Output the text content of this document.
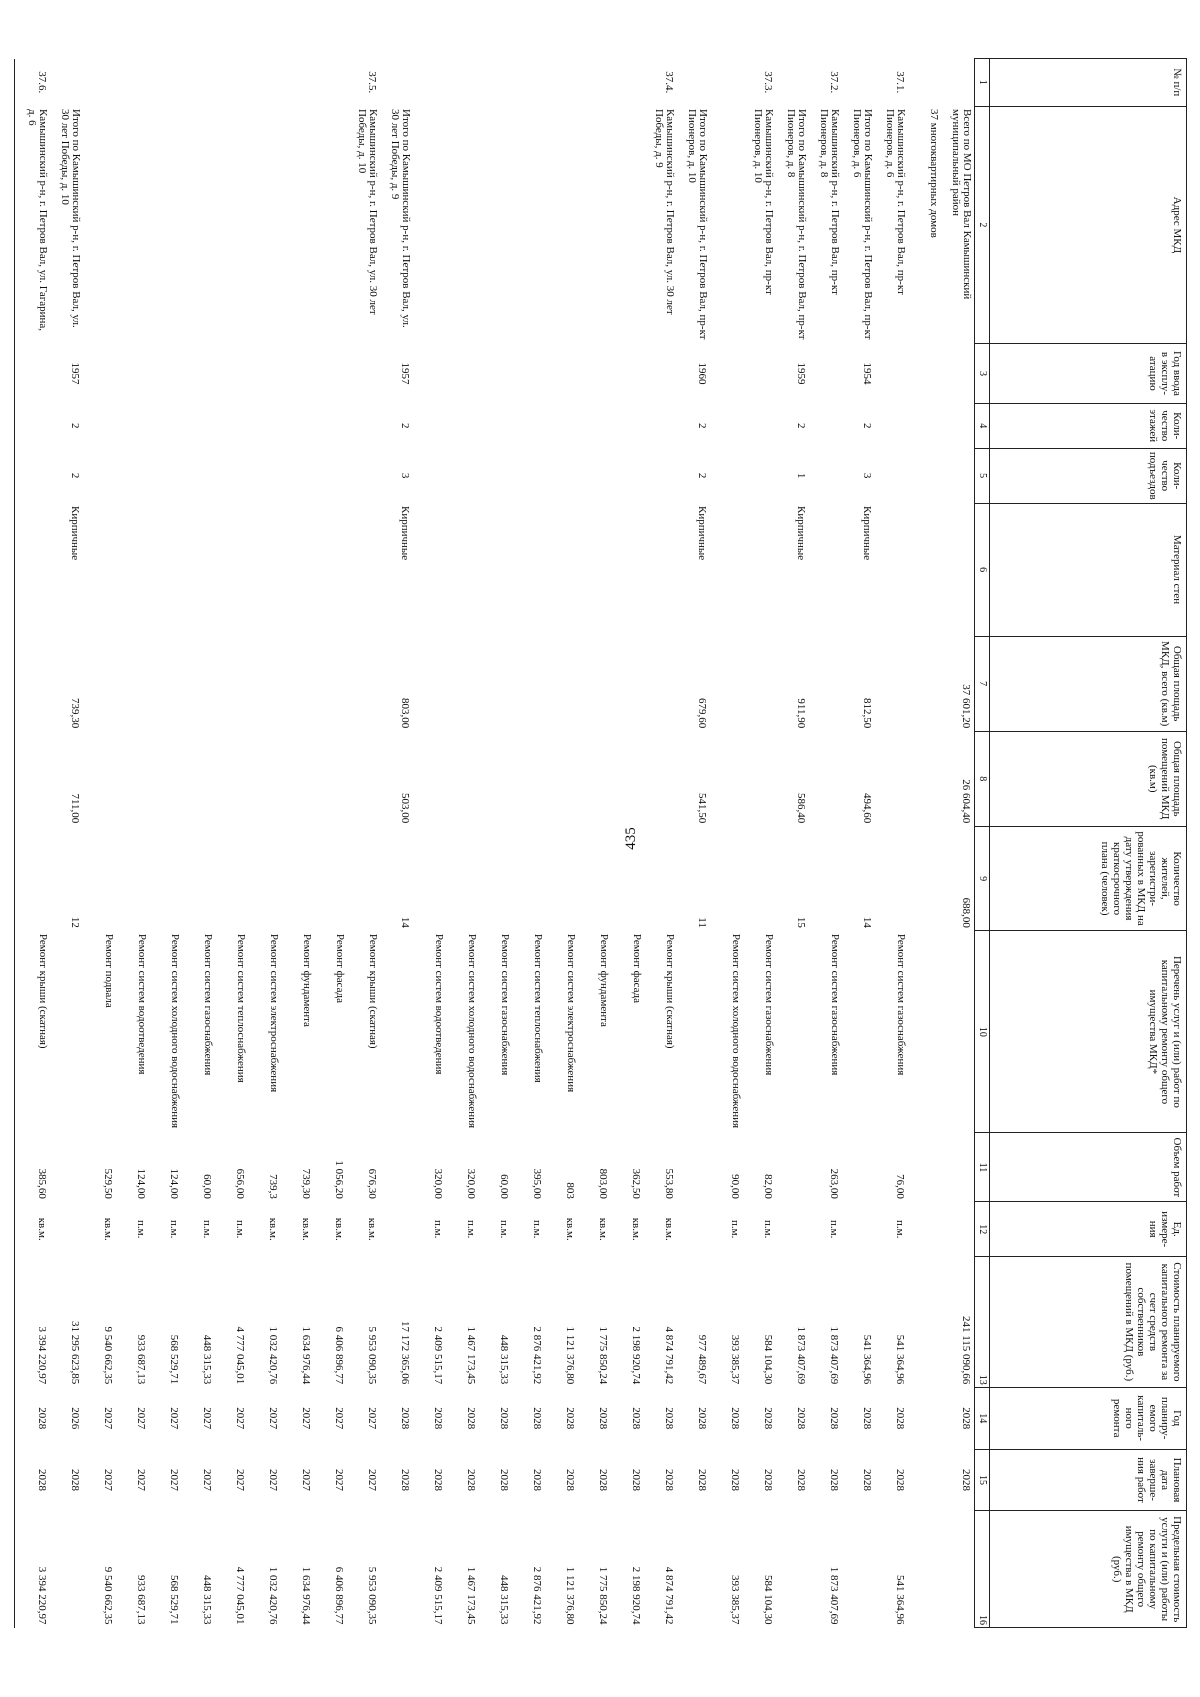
435
№ п/п	Адрес МКД	Год ввода в эксплу-атацию	Коли-чество этажей	Коли-чество подъездов	Материал стен	Общая площадь МКД, всего (кв.м)	Общая площадь помещений МКД (кв.м)	Количество жителей, зарегистри-рованных в МКД на дату утверждения краткосрочного плана (человек)	Перечень услуг и (или) работ по капитальному ремонту общего имущества МКД*	Объем работ	Ед. измере-ния	Стоимость планируемого капитального ремонта за счет средств собственников помещений в МКД (руб.)	Год планиру-емого капиталь-ного ремонта	Плановая дата заверше-ния работ	Предельная стоимость услуги и (или) работы по капитальному ремонту общего имущества в МКД (руб.)
1	2	3	4	5	6	7	8	9	10	11	12	13	14	15	16
	Всего по МО Петров Вал Камышинский муниципальный район					37 601,20	26 604,40	688,00				241 115 090,66	2028	2028	
	37 многоквартирных домов														
37.1.	Камышинский р-н, г. Петров Вал, пр-кт Пионеров, д. 6								Ремонт систем газоснабжения	76,00	п.м.	541 364,96	2028	2028	541 364,96
	Итого по Камышинский р-н, г. Петров Вал, пр-кт Пионеров, д. 6	1954	2	3	Кирпичные	812,50	494,60	14				541 364,96	2028	2028	
37.2.	Камышинский р-н, г. Петров Вал, пр-кт Пионеров, д. 8								Ремонт систем газоснабжения	263,00	п.м.	1 873 407,69	2028	2028	1 873 407,69
	Итого по Камышинский р-н, г. Петров Вал, пр-кт Пионеров, д. 8	1959	2	1	Кирпичные	911,90	586,40	15				1 873 407,69	2028	2028	
37.3.	Камышинский р-н, г. Петров Вал, пр-кт Пионеров, д. 10								Ремонт систем газоснабжения	82,00	п.м.	584 104,30	2028	2028	584 104,30
									Ремонт систем холодного водоснабжения	90,00	п.м.	393 385,37	2028	2028	393 385,37
	Итого по Камышинский р-н, г. Петров Вал, пр-кт Пионеров, д. 10	1960	2	2	Кирпичные	679,60	541,50	11				977 489,67	2028	2028	
37.4.	Камышинский р-н, г. Петров Вал, ул. 30 лет Победы, д. 9								Ремонт крыши (скатная)	553,80	кв.м.	4 874 791,42	2028	2028	4 874 791,42
									Ремонт фасада	362,50	кв.м.	2 198 920,74	2028	2028	2 198 920,74
									Ремонт фундамента	803,00	кв.м.	1 775 850,24	2028	2028	1 775 850,24
									Ремонт систем электроснабжения	803	кв.м.	1 121 376,80	2028	2028	1 121 376,80
									Ремонт систем теплоснабжения	395,00	п.м.	2 876 421,92	2028	2028	2 876 421,92
									Ремонт систем газоснабжения	60,00	п.м.	448 315,33	2028	2028	448 315,33
									Ремонт систем холодного водоснабжения	320,00	п.м.	1 467 173,45	2028	2028	1 467 173,45
									Ремонт систем водоотведения	320,00	п.м.	2 409 515,17	2028	2028	2 409 515,17
	Итого по Камышинский р-н, г. Петров Вал, ул. 30 лет Победы, д. 9	1957	2	3	Кирпичные	803,00	503,00	14				17 172 365,06	2028	2028	
37.5.	Камышинский р-н, г. Петров Вал, ул. 30 лет Победы, д. 10								Ремонт крыши (скатная)	676,30	кв.м.	5 953 090,35	2027	2027	5 953 090,35
									Ремонт фасада	1 056,20	кв.м.	6 406 896,77	2027	2027	6 406 896,77
									Ремонт фундамента	739,30	кв.м.	1 634 976,44	2027	2027	1 634 976,44
									Ремонт систем электроснабжения	739,3	кв.м.	1 032 420,76	2027	2027	1 032 420,76
									Ремонт систем теплоснабжения	656,00	п.м.	4 777 045,01	2027	2027	4 777 045,01
									Ремонт систем газоснабжения	60,00	п.м.	448 315,33	2027	2027	448 315,33
									Ремонт систем холодного водоснабжения	124,00	п.м.	568 529,71	2027	2027	568 529,71
									Ремонт систем водоотведения	124,00	п.м.	933 687,13	2027	2027	933 687,13
									Ремонт подвала	529,50	кв.м.	9 540 662,35	2027	2027	9 540 662,35
	Итого по Камышинский р-н, г. Петров Вал, ул. 30 лет Победы, д. 10	1957	2	2	Кирпичные	739,30	711,00	12				31 295 623,85	2026	2028	
37.6.	Камышинский р-н, г. Петров Вал, ул. Гагарина, д. 6								Ремонт крыши (скатная)	385,60	кв.м.	3 394 220,97	2028	2028	3 394 220,97
